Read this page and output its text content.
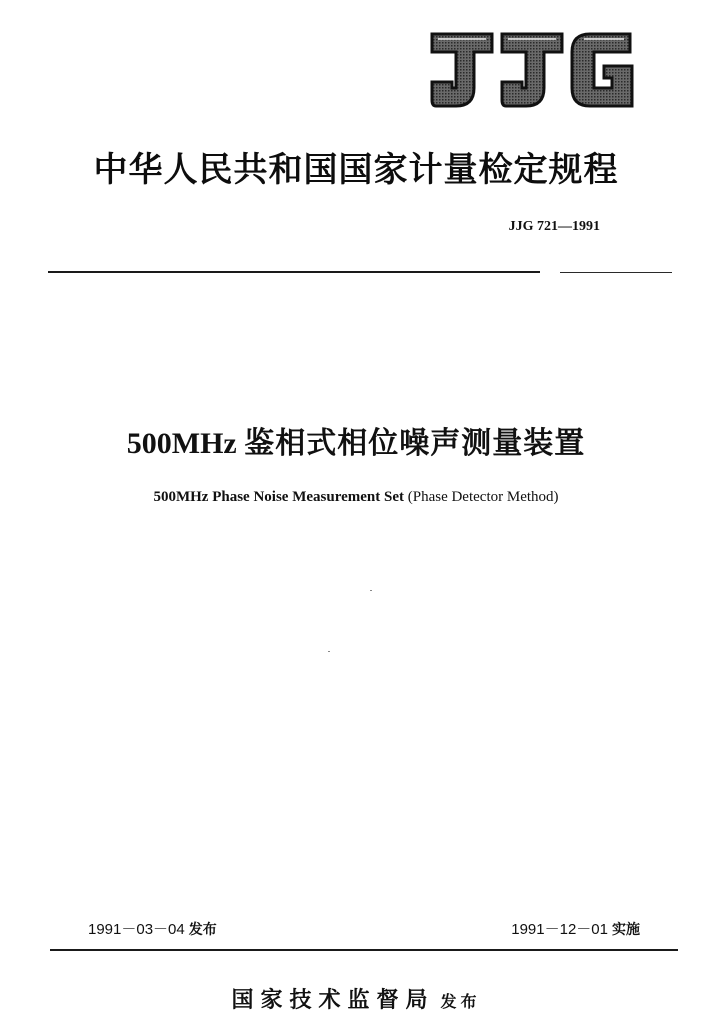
中华人民共和国国家计量检定规程
JJG 721—1991
500MHz 鉴相式相位噪声测量装置
500MHz Phase Noise Measurement Set (Phase Detector Method)
1991－03－04 发布	1991－12－01 实施
国家技术监督局 发布
